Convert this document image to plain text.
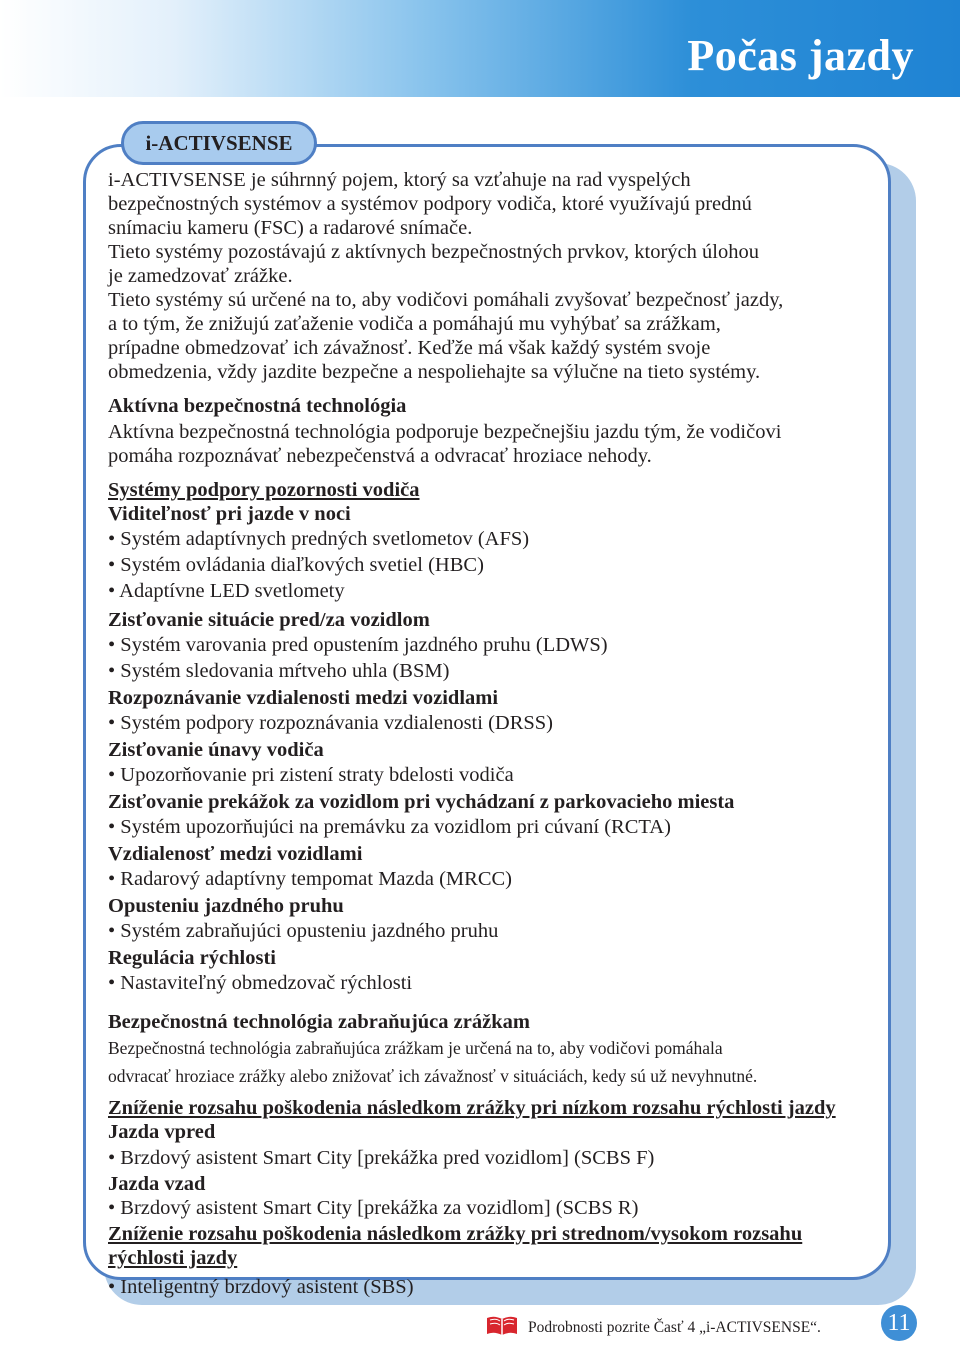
Počas jazdy
i-ACTIVSENSE

i-ACTIVSENSE je súhrnný pojem, ktorý sa vzťahuje na rad vyspelých

bezpečnostných systémov a systémov podpory vodiča, ktoré využívajú prednú

snímaciu kameru (FSC) a radarové snímače.

Tieto systémy pozostávajú z aktívnych bezpečnostných prvkov, ktorých úlohou

je zamedzovať zrážke.

Tieto systémy sú určené na to, aby vodičovi pomáhali zvyšovať bezpečnosť jazdy,

a to tým, že znižujú zaťaženie vodiča a pomáhajú mu vyhýbať sa zrážkam,

prípadne obmedzovať ich závažnosť. Keďže má však každý systém svoje

obmedzenia, vždy jazdite bezpečne a nespoliehajte sa výlučne na tieto systémy.

Aktívna bezpečnostná technológia

Aktívna bezpečnostná technológia podporuje bezpečnejšiu jazdu tým, že vodičovi

pomáha rozpoznávať nebezpečenstvá a odvracať hroziace nehody.

Systémy podpory pozornosti vodiča

Viditeľnosť pri jazde v noci

• Systém adaptívnych predných svetlometov (AFS)

• Systém ovládania diaľkových svetiel (HBC)

• Adaptívne LED svetlomety

Zisťovanie situácie pred/za vozidlom

• Systém varovania pred opustením jazdného pruhu (LDWS)

• Systém sledovania mŕtveho uhla (BSM)

Rozpoznávanie vzdialenosti medzi vozidlami

• Systém podpory rozpoznávania vzdialenosti (DRSS)

Zisťovanie únavy vodiča

• Upozorňovanie pri zistení straty bdelosti vodiča

Zisťovanie prekážok za vozidlom pri vychádzaní z parkovacieho miesta

• Systém upozorňujúci na premávku za vozidlom pri cúvaní (RCTA)

Vzdialenosť medzi vozidlami

• Radarový adaptívny tempomat Mazda (MRCC)

Opusteniu jazdného pruhu

• Systém zabraňujúci opusteniu jazdného pruhu

Regulácia rýchlosti

• Nastaviteľný obmedzovač rýchlosti

Bezpečnostná technológia zabraňujúca zrážkam

Bezpečnostná technológia zabraňujúca zrážkam je určená na to, aby vodičovi pomáhala

odvracať hroziace zrážky alebo znižovať ich závažnosť v situáciách, kedy sú už nevyhnutné.

Zníženie rozsahu poškodenia následkom zrážky pri nízkom rozsahu rýchlosti jazdy

Jazda vpred

• Brzdový asistent Smart City [prekážka pred vozidlom] (SCBS F)

Jazda vzad

• Brzdový asistent Smart City [prekážka za vozidlom] (SCBS R)

Zníženie rozsahu poškodenia následkom zrážky pri strednom/vysokom rozsahu

rýchlosti jazdy

• Inteligentný brzdový asistent (SBS)

Podrobnosti pozrite Časť 4 „i-ACTIVSENSE“.	11
